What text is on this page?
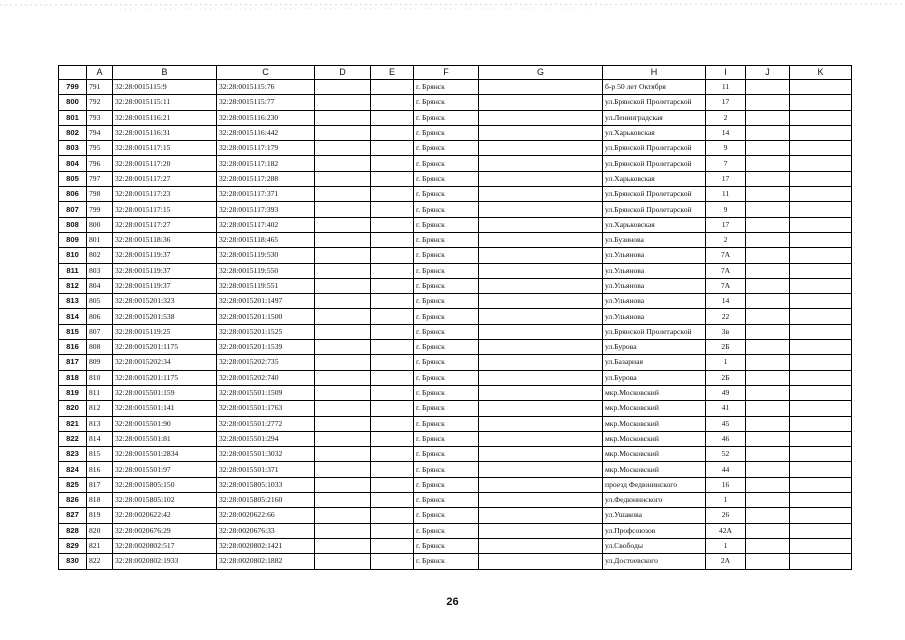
	A	B	C	D	E	F	G	H	I	J	K	
799	791	32:28:0015115:9	32:28:0015115:76			г. Брянск		б-р 50 лет Октября	11			
800	792	32:28:0015115:11	32:28:0015115:77			г. Брянск		ул.Брянской Пролетарской	17			
801	793	32:28:0015116:21	32:28:0015116:230			г. Брянск		ул.Ленинградская	2			
802	794	32:28:0015116:31	32:28:0015116:442			г. Брянск		ул.Харьковская	14			
803	795	32:28:0015117:15	32:28:0015117:179			г. Брянск		ул.Брянской Пролетарской	9			
804	796	32:28:0015117:20	32:28:0015117:182			г. Брянск		ул.Брянской Пролетарской	7			
805	797	32:28:0015117:27	32:28:0015117:288			г. Брянск		ул.Харьковская	17			
806	798	32:28:0015117:23	32:28:0015117:371			г. Брянск		ул.Брянской Пролетарской	11			
807	799	32:28:0015117:15	32:28:0015117:393			г. Брянск		ул.Брянской Пролетарской	9			
808	800	32:28:0015117:27	32:28:0015117:402			г. Брянск		ул.Харьковская	17			
809	801	32:28:0015118:36	32:28:0015118:465			г. Брянск		ул.Бузинова	2			
810	802	32:28:0015119:37	32:28:0015119:530			г. Брянск		ул.Ульянова	7A			
811	803	32:28:0015119:37	32:28:0015119:550			г. Брянск		ул.Ульянова	7A			
812	804	32:28:0015119:37	32:28:0015119:551			г. Брянск		ул.Ульянова	7A			
813	805	32:28:0015201:323	32:28:0015201:1497			г. Брянск		ул.Ульянова	14			
814	806	32:28:0015201:538	32:28:0015201:1500			г. Брянск		ул.Ульянова	22			
815	807	32:28:0015119:25	32:28:0015201:1525			г. Брянск		ул.Брянской Пролетарской	3в			
816	808	32:28:0015201:1175	32:28:0015201:1539			г. Брянск		ул.Бурова	2Б			
817	809	32:28:0015202:34	32:28:0015202:735			г. Брянск		ул.Базарная	1			
818	810	32:28:0015201:1175	32:28:0015202:740			г. Брянск		ул.Бурова	2Б			
819	811	32:28:0015501:159	32:28:0015501:1509			г. Брянск		мкр.Московский	49			
820	812	32:28:0015501:141	32:28:0015501:1763			г. Брянск		мкр.Московский	41			
821	813	32:28:0015501:90	32:28:0015501:2772			г. Брянск		мкр.Московский	45			
822	814	32:28:0015501:81	32:28:0015501:294			г. Брянск		мкр.Московский	46			
823	815	32:28:0015501:2834	32:28:0015501:3032			г. Брянск		мкр.Московский	52			
824	816	32:28:0015501:97	32:28:0015501:371			г. Брянск		мкр.Московский	44			
825	817	32:28:0015805:150	32:28:0015805:1033			г. Брянск		проезд Федюнинского	16			
826	818	32:28:0015805:102	32:28:0015805:2160			г. Брянск		ул.Федюнинского	1			
827	819	32:28:0020622:42	32:28:0020622:66			г. Брянск		ул.Ушакова	26			
828	820	32:28:0020676:29	32:28:0020676:33			г. Брянск		ул.Профсоюзов	42A			
829	821	32:28:0020802:517	32:28:0020802:1421			г. Брянск		ул.Свободы	1			
830	822	32:28:0020802:1933	32:28:0020802:1882			г. Брянск		ул.Достоевского	2A			
26
